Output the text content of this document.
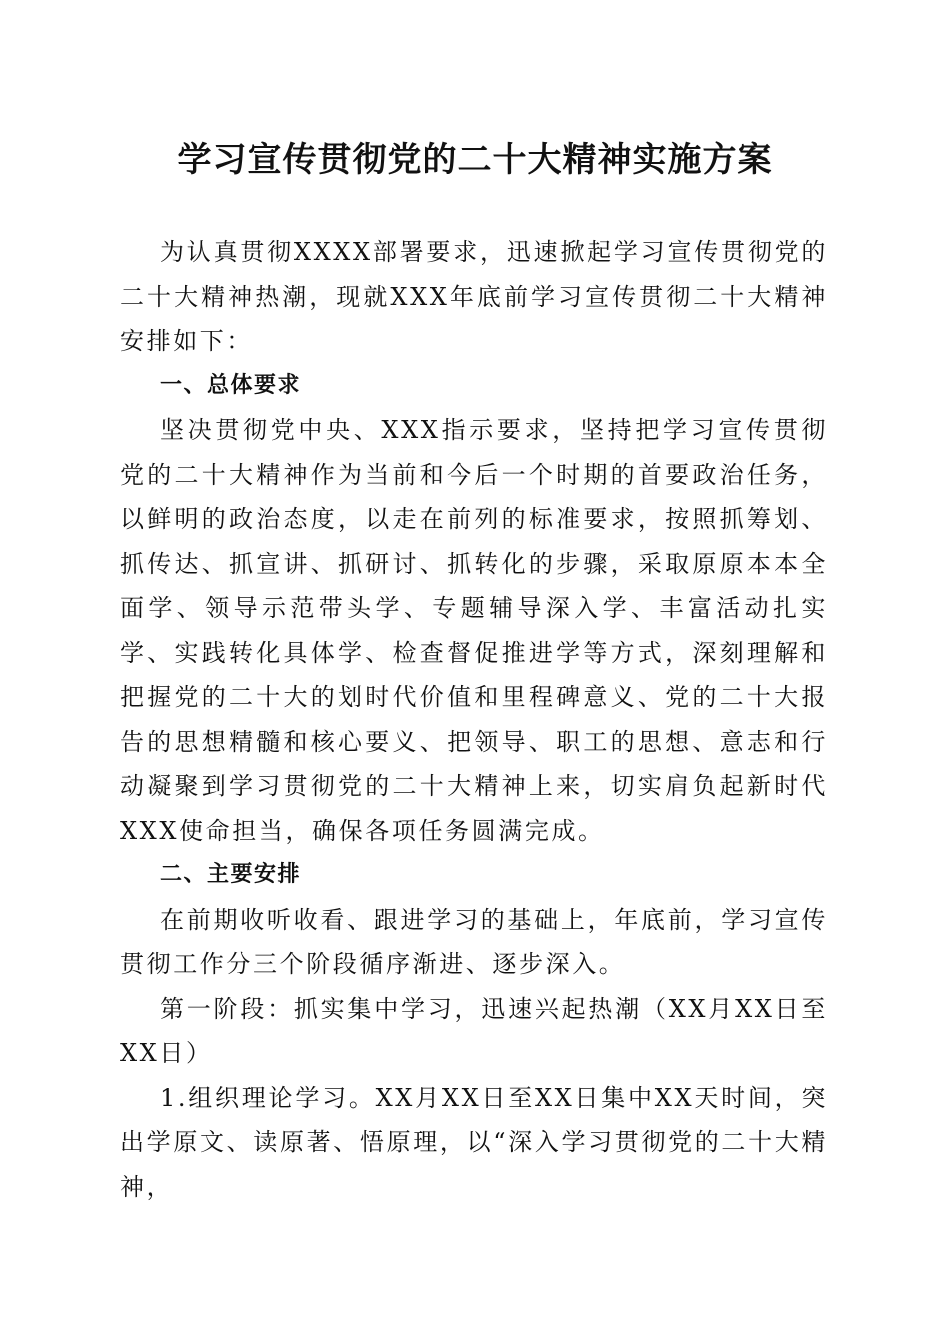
学习宣传贯彻党的二十大精神实施方案

为认真贯彻XXXX部署要求，迅速掀起学习宣传贯彻党的二十大精神热潮，现就XXX年底前学习宣传贯彻二十大精神安排如下：

一、总体要求

坚决贯彻党中央、XXX指示要求，坚持把学习宣传贯彻党的二十大精神作为当前和今后一个时期的首要政治任务，以鲜明的政治态度，以走在前列的标准要求，按照抓筹划、抓传达、抓宣讲、抓研讨、抓转化的步骤，采取原原本本全面学、领导示范带头学、专题辅导深入学、丰富活动扎实学、实践转化具体学、检查督促推进学等方式，深刻理解和把握党的二十大的划时代价值和里程碑意义、党的二十大报告的思想精髓和核心要义、把领导、职工的思想、意志和行动凝聚到学习贯彻党的二十大精神上来，切实肩负起新时代XXX使命担当，确保各项任务圆满完成。

二、主要安排

在前期收听收看、跟进学习的基础上，年底前，学习宣传贯彻工作分三个阶段循序渐进、逐步深入。

第一阶段：抓实集中学习，迅速兴起热潮（XX月XX日至XX日）

1.组织理论学习。XX月XX日至XX日集中XX天时间，突出学原文、读原著、悟原理，以“深入学习贯彻党的二十大精神，
